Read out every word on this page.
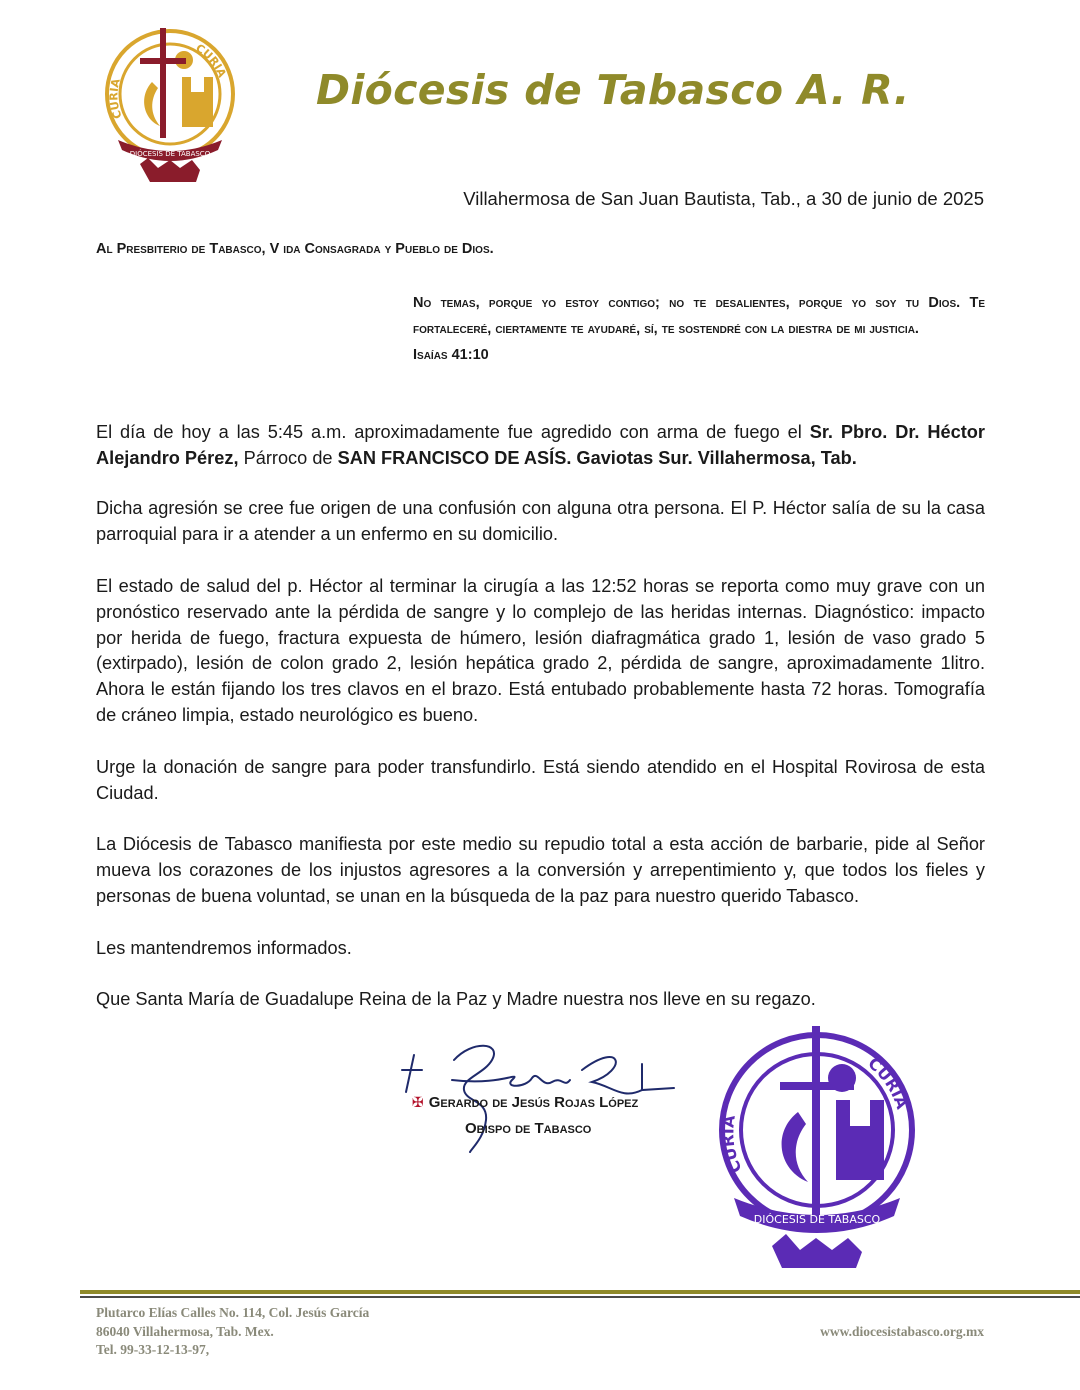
CURIA
CURIA
DIÓCESIS DE TABASCO
Diócesis de Tabasco A. R.
Villahermosa de San Juan Bautista, Tab., a 30 de junio de 2025
Al Presbiterio de Tabasco, V ida Consagrada y Pueblo de Dios.
No temas, porque yo estoy contigo; no te desalientes, porque yo soy tu Dios. Te fortaleceré, ciertamente te ayudaré, sí, te sostendré con la diestra de mi justicia.
Isaías 41:10

El día de hoy a las 5:45 a.m. aproximadamente fue agredido con arma de fuego el Sr. Pbro. Dr. Héctor Alejandro Pérez, Párroco de SAN FRANCISCO DE ASÍS. Gaviotas Sur. Villahermosa, Tab.

Dicha agresión se cree fue origen de una confusión con alguna otra persona. El P. Héctor salía de su la casa parroquial para ir a atender a un enfermo en su domicilio.

El estado de salud del p. Héctor al terminar la cirugía a las 12:52 horas se reporta como muy grave con un pronóstico reservado ante la pérdida de sangre y lo complejo de las heridas internas. Diagnóstico: impacto por herida de fuego, fractura expuesta de húmero, lesión diafragmática grado 1, lesión de vaso grado 5 (extirpado), lesión de colon grado 2, lesión hepática grado 2, pérdida de sangre, aproximadamente 1litro. Ahora le están fijando los tres clavos en el brazo. Está entubado probablemente hasta 72 horas. Tomografía de cráneo limpia, estado neurológico es bueno.

Urge la donación de sangre para poder transfundirlo. Está siendo atendido en el Hospital Rovirosa de esta Ciudad.

La Diócesis de Tabasco manifiesta por este medio su repudio total a esta acción de barbarie, pide al Señor mueva los corazones de los injustos agresores a la conversión y arrepentimiento y, que todos los fieles y personas de buena voluntad, se unan en la búsqueda de la paz para nuestro querido Tabasco.

Les mantendremos informados.

Que Santa María de Guadalupe Reina de la Paz y Madre nuestra nos lleve en su regazo.

+ Jesús R L
✠ Gerardo de Jesús Rojas López
Obispo de Tabasco
CURIA
CURIA
DIÓCESIS DE TABASCO
Plutarco Elías Calles No. 114, Col. Jesús García
86040 Villahermosa, Tab. Mex.
Tel. 99-33-12-13-97,
www.diocesistabasco.org.mx
